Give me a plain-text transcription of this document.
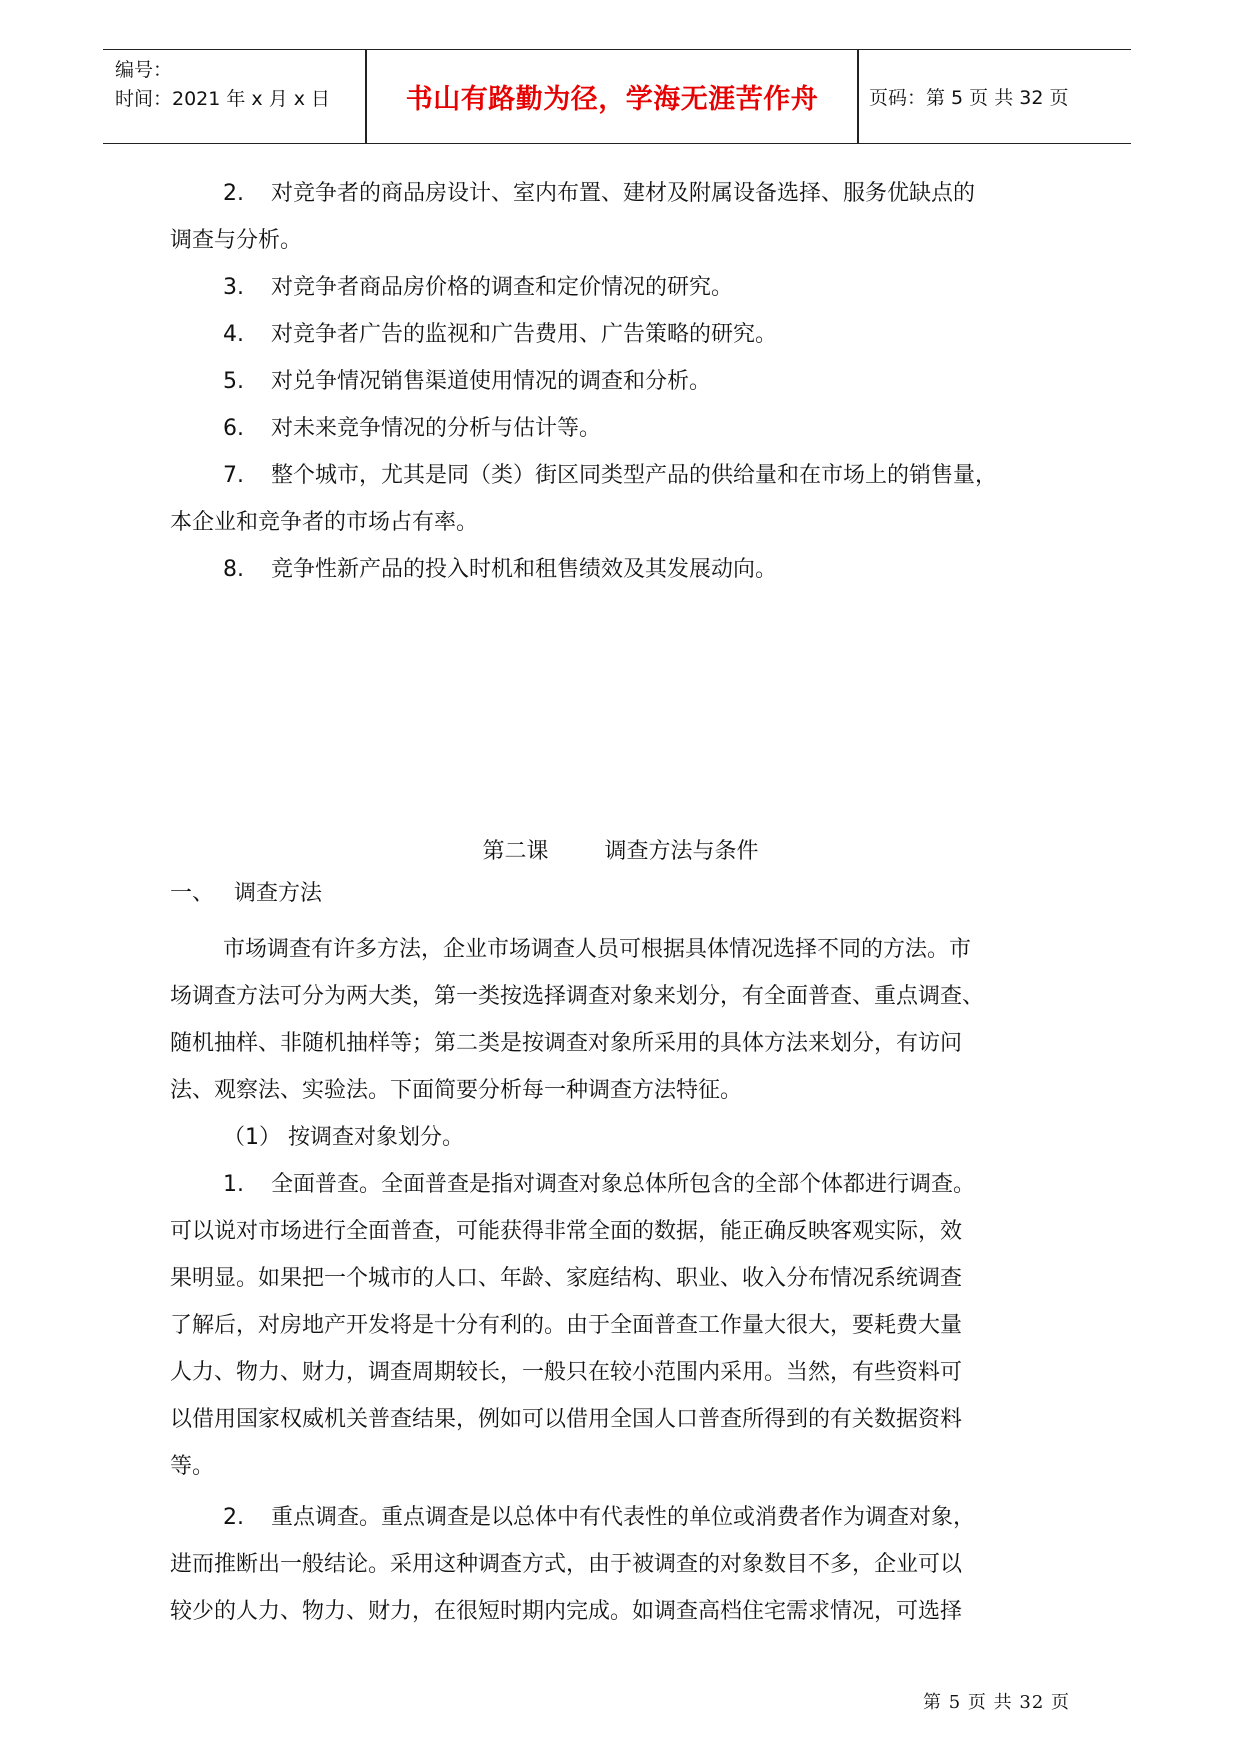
编号：
时间：2021 年 x 月 x 日	书山有路勤为径，学海无涯苦作舟	页码：第 5 页 共 32 页

2. 对竞争者的商品房设计、室内布置、建材及附属设备选择、服务优缺点的

调查与分析。

3. 对竞争者商品房价格的调查和定价情况的研究。

4. 对竞争者广告的监视和广告费用、广告策略的研究。

5. 对兑争情况销售渠道使用情况的调查和分析。

6. 对未来竞争情况的分析与估计等。

7. 整个城市，尤其是同（类）街区同类型产品的供给量和在市场上的销售量，

本企业和竞争者的市场占有率。

8. 竞争性新产品的投入时机和租售绩效及其发展动向。

第二课        调查方法与条件
一、 调查方法

市场调查有许多方法，企业市场调查人员可根据具体情况选择不同的方法。市

场调查方法可分为两大类，第一类按选择调查对象来划分，有全面普查、重点调查、

随机抽样、非随机抽样等；第二类是按调查对象所采用的具体方法来划分，有访问

法、观察法、实验法。下面简要分析每一种调查方法特征。

（1） 按调查对象划分。

1. 全面普查。全面普查是指对调查对象总体所包含的全部个体都进行调查。

可以说对市场进行全面普查，可能获得非常全面的数据，能正确反映客观实际，效

果明显。如果把一个城市的人口、年龄、家庭结构、职业、收入分布情况系统调查

了解后，对房地产开发将是十分有利的。由于全面普查工作量大很大，要耗费大量

人力、物力、财力，调查周期较长，一般只在较小范围内采用。当然，有些资料可

以借用国家权威机关普查结果，例如可以借用全国人口普查所得到的有关数据资料

等。

2. 重点调查。重点调查是以总体中有代表性的单位或消费者作为调查对象，

进而推断出一般结论。采用这种调查方式，由于被调查的对象数目不多，企业可以

较少的人力、物力、财力，在很短时期内完成。如调查高档住宅需求情况，可选择

第 5 页 共 32 页
